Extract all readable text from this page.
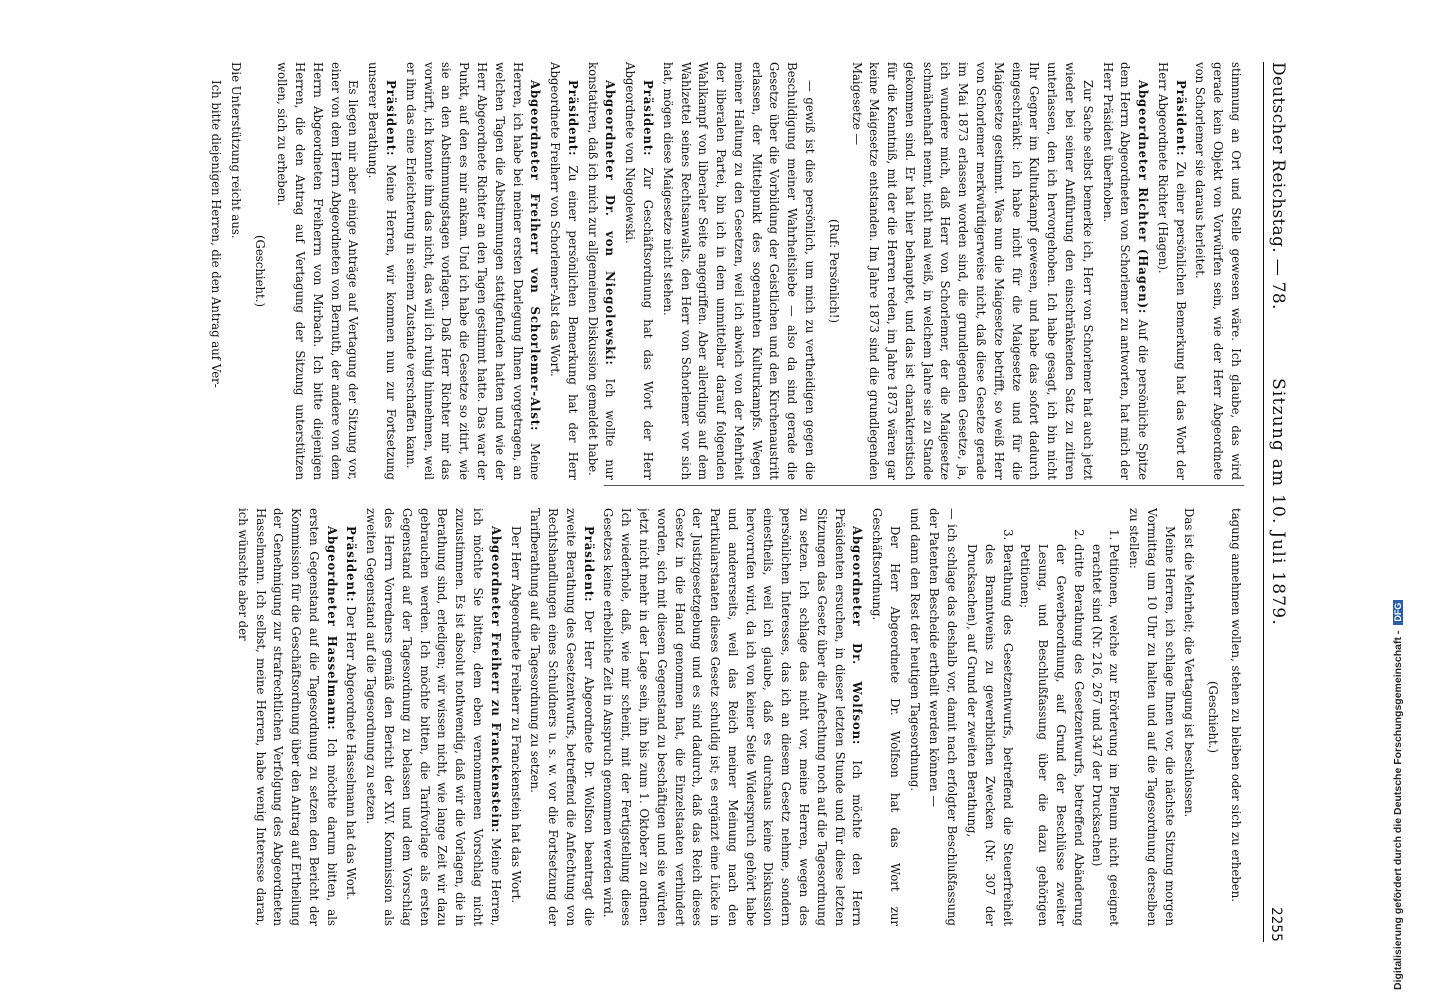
Deutscher Reichstag. — 78.
Sitzung am 10. Juli 1879.
2255

stimmung an Ort und Stelle gewesen wäre. Ich glaube, das wird gerade kein Objekt von Vorwürfen sein, wie der Herr Abgeordnete von Schorlemer sie daraus herleitet.

Präsident: Zu einer persönlichen Bemerkung hat das Wort der Herr Abgeordnete Richter (Hagen).

Abgeordneter Richter (Hagen): Auf die persönliche Spitze dem Herrn Abgeordneten von Schorlemer zu antworten, hat mich der Herr Präsident überhoben.

Zur Sache selbst bemerke ich, Herr von Schorlemer hat auch jetzt wieder bei seiner Anführung den einschränkenden Satz zu zitiren unterlassen, den ich hervorgehoben. Ich habe gesagt, ich bin nicht Ihr Gegner im Kulturkampf gewesen, und habe das sofort dadurch eingeschränkt: ich habe nicht für die Maigesetze und für die Maigesetze gestimmt. Was nun die Maigesetze betrifft, so weiß Herr von Schorlemer merkwürdigerweise nicht, daß diese Gesetze gerade im Mai 1873 erlassen worden sind, die grundlegenden Gesetze, ja, ich wundere mich, daß Herr von Schorlemer, der die Maigesetze schmähenhaft nennt, nicht mal weiß, in welchem Jahre sie zu Stande gekommen sind. Er hat hier behauptet, und das ist charakteristisch für die Kenntniß, mit der die Herren reden, im Jahre 1873 wären gar keine Maigesetze entstanden. Im Jahre 1873 sind die grundlegenden Maigesetze —

(Ruf: Persönlich!)

— gewiß ist dies persönlich, um mich zu vertheidigen gegen die Beschuldigung meiner Wahrheitsliebe — also da sind gerade die Gesetze über die Vorbildung der Geistlichen und den Kirchenaustritt erlassen, der Mittelpunkt des sogenannten Kulturkampfs. Wegen meiner Haltung zu den Gesetzen, weil ich abwich von der Mehrheit der liberalen Partei, bin ich in dem unmittelbar darauf folgenden Wahlkampf von liberaler Seite angegriffen. Aber allerdings auf dem Wahlzettel seines Rechtsanwalts, den Herr von Schorlemer vor sich hat, mögen diese Maigesetze nicht stehen.

Präsident: Zur Geschäftsordnung hat das Wort der Herr Abgeordnete von Niegolewski.

Abgeordneter Dr. von Niegolewski: Ich wollte nur konstatiren, daß ich mich zur allgemeinen Diskussion gemeldet habe.

Präsident: Zu einer persönlichen Bemerkung hat der Herr Abgeordnete Freiherr von Schorlemer-Alst das Wort.

Abgeordneter Freiherr von Schorlemer-Alst: Meine Herren, ich habe bei meiner ersten Darlegung Ihnen vorgetragen, an welchen Tagen die Abstimmungen stattgefunden hatten und wie der Herr Abgeordnete Richter an den Tagen gestimmt hatte. Das war der Punkt, auf den es mir ankam. Und ich habe die Gesetze so zitirt, wie sie an den Abstimmungstagen vorlagen. Daß Herr Richter mir das vorwirft, ich konnte ihm das nicht, das will ich ruhig hinnehmen, weil er ihm das eine Erleichterung in seinem Zustande verschaffen kann.

Präsident: Meine Herren, wir kommen nun zur Fortsetzung unserer Berathung.

Es liegen mir aber einige Anträge auf Vertagung der Sitzung vor, einer von dem Herrn Abgeordneten von Bernuth, der andere von dem Herrn Abgeordneten Freiherrn von Mirbach. Ich bitte diejenigen Herren, die den Antrag auf Vertagung der Sitzung unterstützen wollen, sich zu erheben.

(Geschieht.)

Die Unterstützung reicht aus.

Ich bitte diejenigen Herren, die den Antrag auf Ver-

tagung annehmen wollen, stehen zu bleiben oder sich zu erheben.

(Geschieht.)

Das ist die Mehrheit; die Vertagung ist beschlossen.

Meine Herren, ich schlage Ihnen vor, die nächste Sitzung morgen Vormittag um 10 Uhr zu halten und auf die Tagesordnung derselben zu stellen:

1. Petitionen, welche zur Erörterung im Plenum nicht geeignet erachtet sind (Nr. 216, 267 und 347 der Drucksachen)
2. dritte Berathung des Gesetzentwurfs, betreffend Abänderung der Gewerbeordnung, auf Grund der Beschlüsse zweiter Lesung, und Beschlußfassung über die dazu gehörigen Petitionen;
3. Berathung des Gesetzentwurfs, betreffend die Steuerfreiheit des Branntweins zu gewerblichen Zwecken (Nr. 307 der Drucksachen), auf Grund der zweiten Berathung,

— ich schlage das deshalb vor, damit nach erfolgter Beschlußfassung der Patenten Bescheide ertheilt werden können —

und dann den Rest der heutigen Tagesordnung.

Der Herr Abgeordnete Dr. Wolfson hat das Wort zur Geschäftsordnung.

Abgeordneter Dr. Wolfson: Ich möchte den Herrn Präsidenten ersuchen, in dieser letzten Stunde und für diese letzten Sitzungen das Gesetz über die Anfechtung noch auf die Tagesordnung zu setzen. Ich schlage das nicht vor, meine Herren, wegen des persönlichen Interesses, das ich an diesem Gesetz nehme, sondern einestheils, weil ich glaube, daß es durchaus keine Diskussion hervorrufen wird, da ich von keiner Seite Widerspruch gehört habe und andererseits, weil das Reich meiner Meinung nach den Partikularstaaten dieses Gesetz schuldig ist; es ergänzt eine Lücke in der Justizgesetzgebung und es sind dadurch, daß das Reich dieses Gesetz in die Hand genommen hat, die Einzelstaaten verhindert worden, sich mit diesem Gegenstand zu beschäftigen und sie würden jetzt nicht mehr in der Lage sein, ihn bis zum 1. Oktober zu ordnen. Ich wiederhole, daß, wie mir scheint, mit der Fertigstellung dieses Gesetzes keine erhebliche Zeit in Anspruch genommen werden wird.

Präsident: Der Herr Abgeordnete Dr. Wolfson beantragt die zweite Berathung des Gesetzentwurfs, betreffend die Anfechtung von Rechtshandlungen eines Schuldners u. s. w. vor die Fortsetzung der Tarifberathung auf die Tagesordnung zu setzen.

Der Herr Abgeordnete Freiherr zu Franckenstein hat das Wort.

Abgeordneter Freiherr zu Franckenstein: Meine Herren, ich möchte Sie bitten, dem eben vernommenen Vorschlag nicht zuzustimmen. Es ist absolut nothwendig, daß wir die Vorlagen, die in Berathung sind, erledigen; wir wissen nicht, wie lange Zeit wir dazu gebrauchen werden. Ich möchte bitten, die Tarifvorlage als ersten Gegenstand auf der Tagesordnung zu belassen und dem Vorschlag des Herrn Vorredners gemäß den Bericht der XIV. Kommission als zweiten Gegenstand auf die Tagesordnung zu setzen.

Präsident: Der Herr Abgeordnete Hasselmann hat das Wort.

Abgeordneter Hasselmann: Ich möchte darum bitten, als ersten Gegenstand auf die Tagesordnung zu setzen den Bericht der Kommission für die Geschäftsordnung über den Antrag auf Ertheilung der Genehmigung zur strafrechtlichen Verfolgung des Abgeordneten Hasselmann. Ich selbst, meine Herren, habe wenig Interesse daran, ich wünschte aber der

Digitalisierung gefördert durch die Deutsche Forschungsgemeinschaft -DFG
